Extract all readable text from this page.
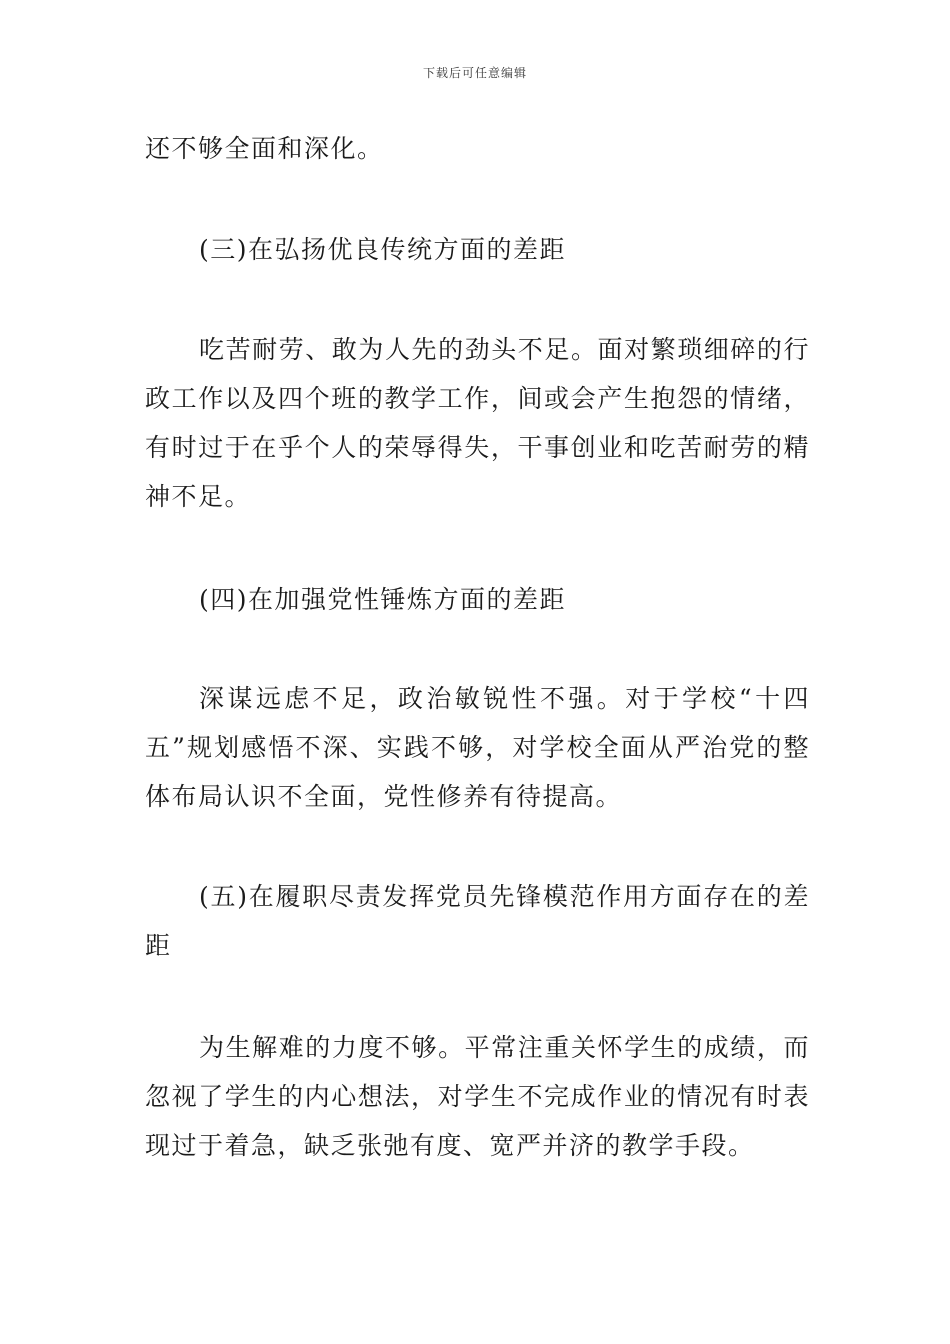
下载后可任意编辑
还不够全面和深化。
(三)在弘扬优良传统方面的差距
吃苦耐劳、敢为人先的劲头不足。面对繁琐细碎的行政工作以及四个班的教学工作，间或会产生抱怨的情绪，有时过于在乎个人的荣辱得失，干事创业和吃苦耐劳的精神不足。
(四)在加强党性锤炼方面的差距
深谋远虑不足，政治敏锐性不强。对于学校“十四五”规划感悟不深、实践不够，对学校全面从严治党的整体布局认识不全面，党性修养有待提高。
(五)在履职尽责发挥党员先锋模范作用方面存在的差距
为生解难的力度不够。平常注重关怀学生的成绩，而忽视了学生的内心想法，对学生不完成作业的情况有时表现过于着急，缺乏张弛有度、宽严并济的教学手段。
